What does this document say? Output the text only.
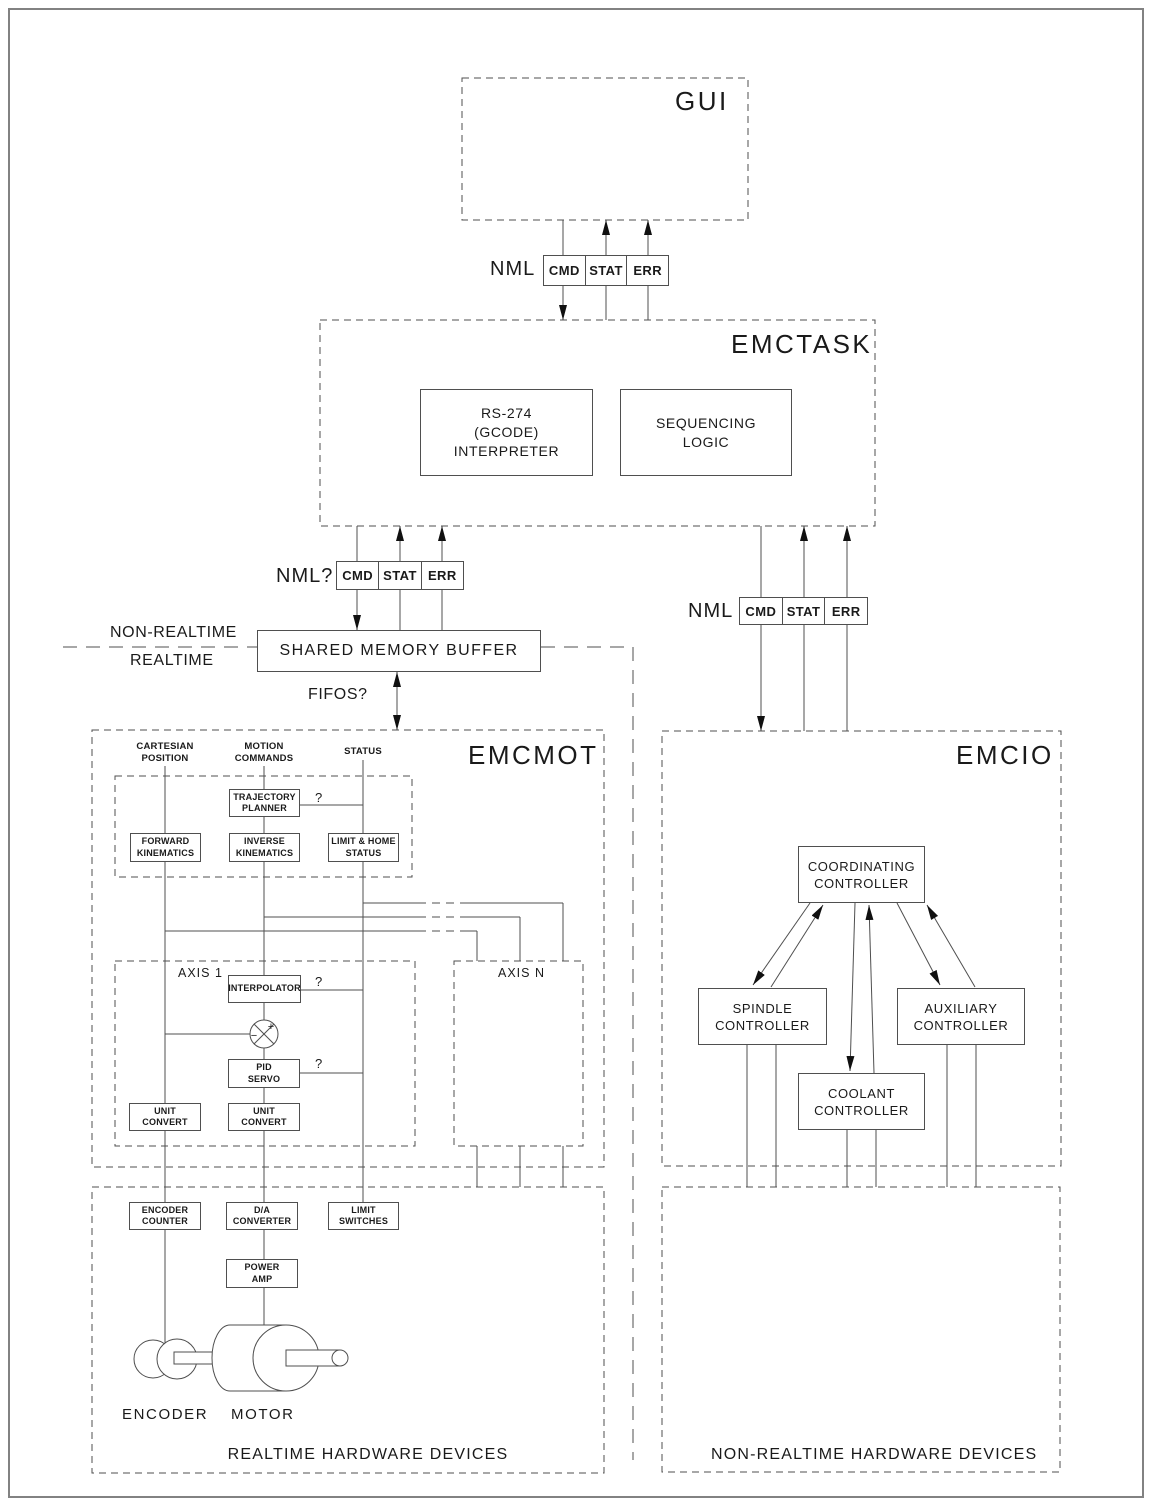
+
−
GUI
EMCTASK
EMCMOT	EMCIO
NML	CMD STAT ERR
NML? CMD STAT ERR
NML CMD STAT ERR
RS-274
(GCODE)
INTERPRETER
SEQUENCING
LOGIC
NON-REALTIME
REALTIME
SHARED MEMORY BUFFER
FIFOS?
CARTESIAN
POSITION
MOTION
COMMANDS
STATUS
TRAJECTORY
PLANNER
?
FORWARD
KINEMATICS
INVERSE
KINEMATICS
LIMIT & HOME
STATUS
AXIS 1	AXIS N
INTERPOLATOR ?
PID
SERVO
?
UNIT
CONVERT
UNIT
CONVERT
COORDINATING
CONTROLLER
SPINDLE
CONTROLLER
AUXILIARY
CONTROLLER
COOLANT
CONTROLLER
ENCODER
COUNTER
D/A
CONVERTER
LIMIT
SWITCHES
POWER
AMP
ENCODER MOTOR
REALTIME HARDWARE DEVICES	NON-REALTIME HARDWARE DEVICES
